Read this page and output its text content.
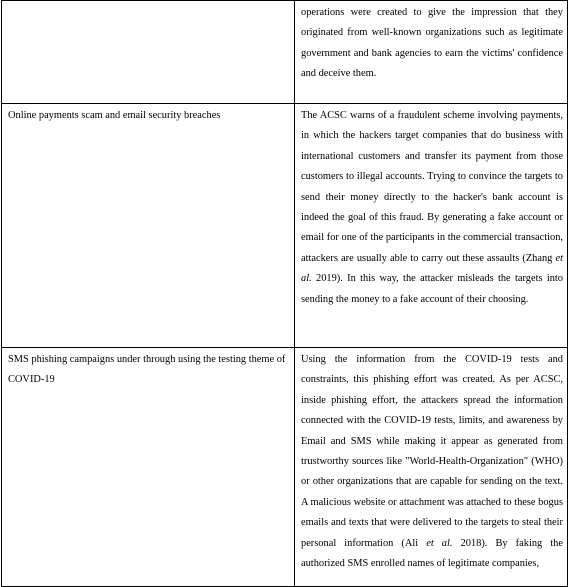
	operations were created to give the impression that they originated from well-known organizations such as legitimate government and bank agencies to earn the victims' confidence and deceive them.
Online payments scam and email security breaches	The ACSC warns of a fraudulent scheme involving payments, in which the hackers target companies that do business with international customers and transfer its payment from those customers to illegal accounts. Trying to convince the targets to send their money directly to the hacker's bank account is indeed the goal of this fraud. By generating a fake account or email for one of the participants in the commercial transaction, attackers are usually able to carry out these assaults (Zhang et al. 2019). In this way, the attacker misleads the targets into sending the money to a fake account of their choosing.
SMS phishing campaigns under through using the testing theme of COVID-19	Using the information from the COVID-19 tests and constraints, this phishing effort was created. As per ACSC, inside phishing effort, the attackers spread the information connected with the COVID-19 tests, limits, and awareness by Email and SMS while making it appear as generated from trustworthy sources like "World-Health-Organization" (WHO) or other organizations that are capable for sending on the text. A malicious website or attachment was attached to these bogus emails and texts that were delivered to the targets to steal their personal information (Ali et al. 2018). By faking the authorized SMS enrolled names of legitimate companies,
